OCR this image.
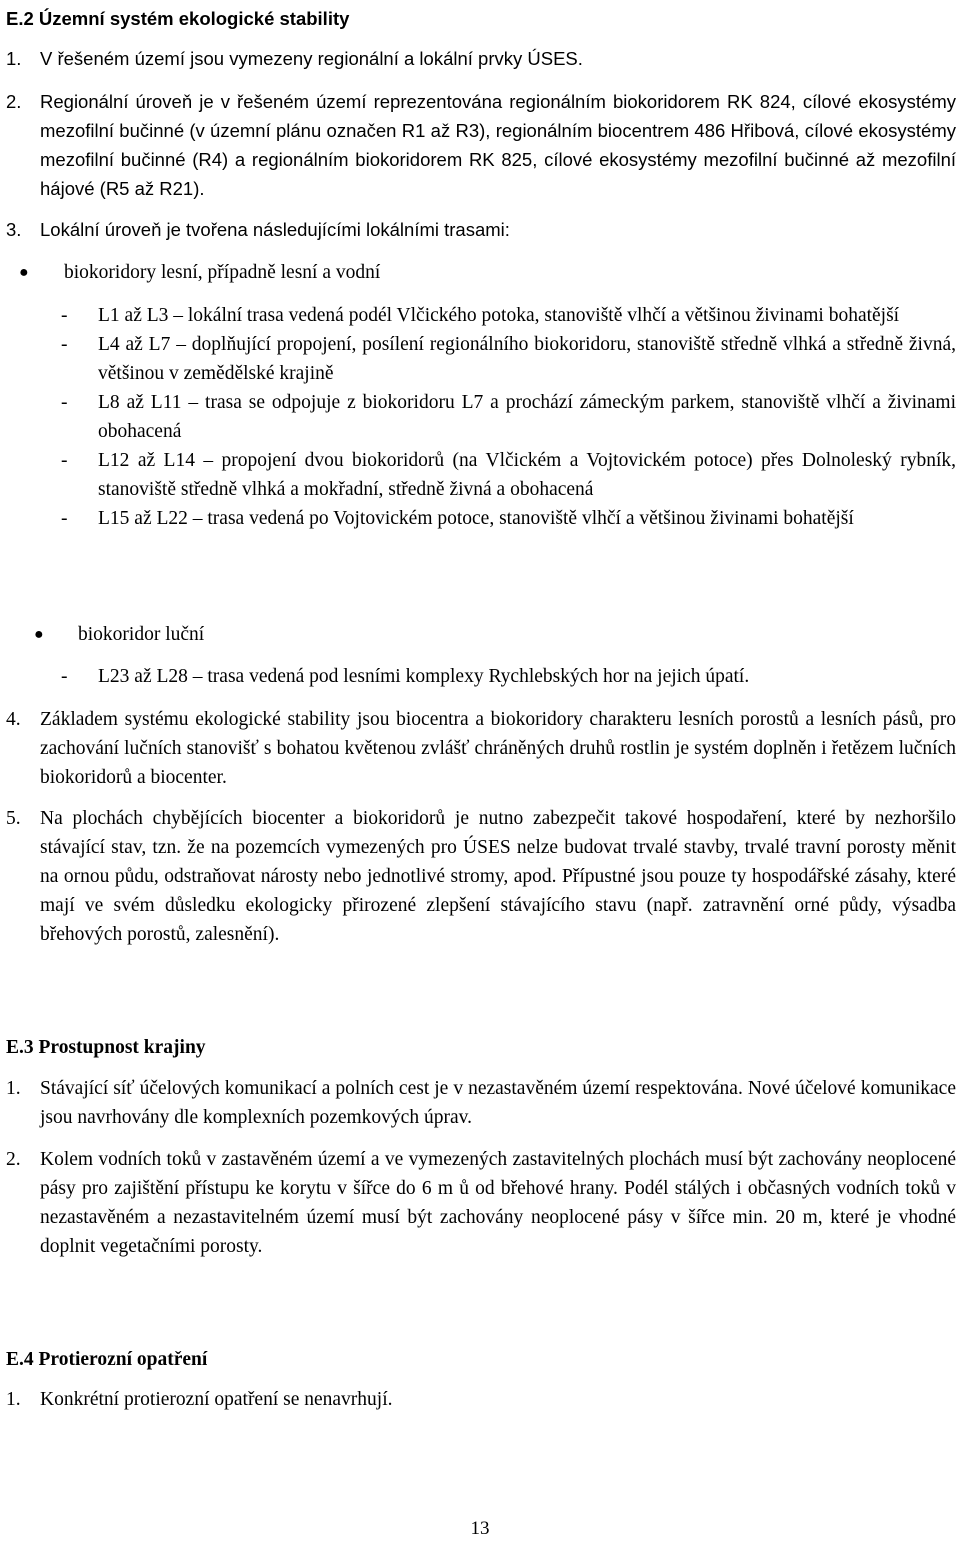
E.2 Územní systém ekologické stability
1.	V řešeném území jsou vymezeny regionální a lokální prvky ÚSES.
2.	Regionální úroveň je v řešeném území reprezentována regionálním biokoridorem RK 824, cílové ekosystémy mezofilní bučinné (v územní plánu označen R1 až R3), regionálním biocentrem 486 Hřibová, cílové ekosystémy mezofilní bučinné (R4) a regionálním biokoridorem RK 825, cílové ekosystémy mezofilní bučinné až mezofilní hájové (R5 až R21).
3.	Lokální úroveň je tvořena následujícími lokálními trasami:
●	biokoridory lesní, případně lesní a vodní
-	L1 až L3 – lokální trasa vedená podél Vlčického potoka, stanoviště vlhčí a většinou živinami bohatější
-	L4 až L7 – doplňující propojení, posílení regionálního biokoridoru, stanoviště středně vlhká a středně živná, většinou v zemědělské krajině
-	L8 až L11 – trasa se odpojuje z biokoridoru L7 a prochází zámeckým parkem, stanoviště vlhčí a živinami obohacená
-	L12 až L14 – propojení dvou biokoridorů (na Vlčickém a Vojtovickém potoce) přes Dolnoleský rybník, stanoviště středně vlhká a mokřadní, středně živná a obohacená
-	L15 až L22 – trasa vedená po Vojtovickém potoce, stanoviště vlhčí a většinou živinami bohatější
●	biokoridor luční
-	L23 až L28 – trasa vedená pod lesními komplexy Rychlebských hor na jejich úpatí.
4. Základem systému ekologické stability jsou biocentra a biokoridory charakteru lesních porostů a lesních pásů, pro zachování lučních stanovišť s bohatou květenou zvlášť chráněných druhů rostlin je systém doplněn i řetězem lučních biokoridorů a biocenter.
5. Na plochách chybějících biocenter a biokoridorů je nutno zabezpečit takové hospodaření, které by nezhoršilo stávající stav, tzn. že na pozemcích vymezených pro ÚSES nelze budovat trvalé stavby, trvalé travní porosty měnit na ornou půdu, odstraňovat nárosty nebo jednotlivé stromy, apod. Přípustné jsou pouze ty hospodářské zásahy, které mají ve svém důsledku ekologicky přirozené zlepšení stávajícího stavu (např. zatravnění orné půdy, výsadba břehových porostů, zalesnění).
E.3 Prostupnost krajiny
1. Stávající síť účelových komunikací a polních cest je v nezastavěném území respektována. Nové účelové komunikace jsou navrhovány dle komplexních pozemkových úprav.
2. Kolem vodních toků v zastavěném území a ve vymezených zastavitelných plochách musí být zachovány neoplocené pásy pro zajištění přístupu ke korytu v šířce do 6 m ů od břehové hrany. Podél stálých i občasných vodních toků v nezastavěném a nezastavitelném území musí být zachovány neoplocené pásy v šířce min. 20 m, které je vhodné doplnit vegetačními porosty.
E.4 Protierozní opatření
1. Konkrétní protierozní opatření se nenavrhují.
13
